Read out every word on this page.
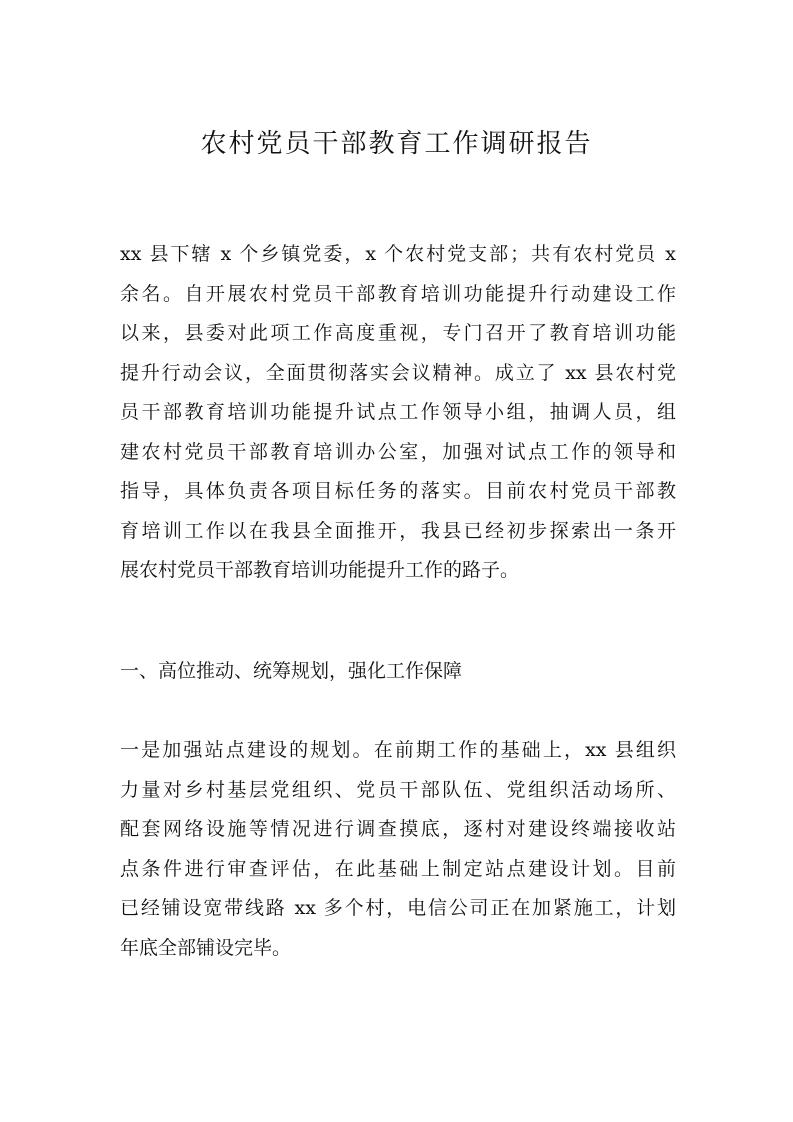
农村党员干部教育工作调研报告
xx 县下辖 x 个乡镇党委，x 个农村党支部；共有农村党员 x
余名。自开展农村党员干部教育培训功能提升行动建设工作
以来，县委对此项工作高度重视，专门召开了教育培训功能
提升行动会议，全面贯彻落实会议精神。成立了 xx 县农村党
员干部教育培训功能提升试点工作领导小组，抽调人员，组
建农村党员干部教育培训办公室，加强对试点工作的领导和
指导，具体负责各项目标任务的落实。目前农村党员干部教
育培训工作以在我县全面推开，我县已经初步探索出一条开
展农村党员干部教育培训功能提升工作的路子。
一、高位推动、统筹规划，强化工作保障
一是加强站点建设的规划。在前期工作的基础上，xx 县组织
力量对乡村基层党组织、党员干部队伍、党组织活动场所、
配套网络设施等情况进行调查摸底，逐村对建设终端接收站
点条件进行审查评估，在此基础上制定站点建设计划。目前
已经铺设宽带线路 xx 多个村，电信公司正在加紧施工，计划
年底全部铺设完毕。
